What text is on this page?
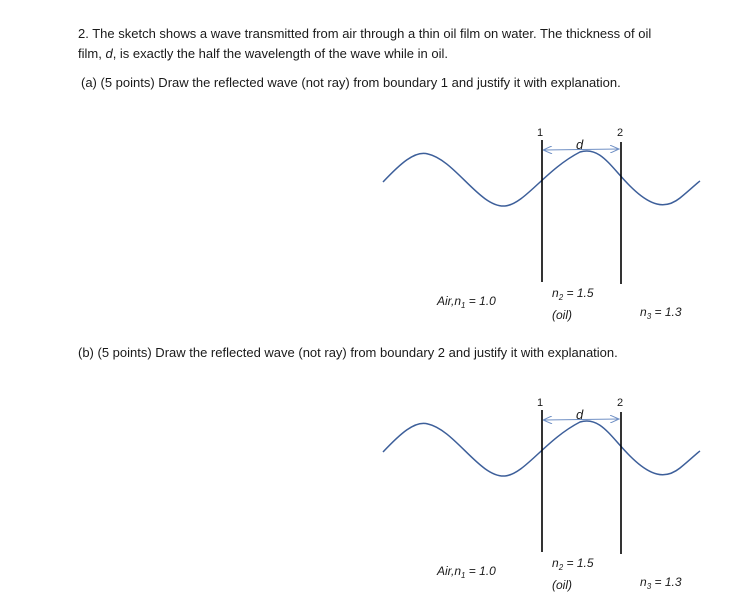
2. The sketch shows a wave transmitted from air through a thin oil film on water. The thickness of oil

film, d, is exactly the half the wavelength of the wave while in oil.

(a) (5 points) Draw the reflected wave (not ray) from boundary 1 and justify it with explanation.

1	2
d
$Air,n_1 = 1.0$
$n_2 = 1.5$
(oil)	$n_3 = 1.3$

(b) (5 points) Draw the reflected wave (not ray) from boundary 2 and justify it with explanation.

1	2
d
$Air,n_1 = 1.0$
$n_2 = 1.5$
(oil)	$n_3 = 1.3$
